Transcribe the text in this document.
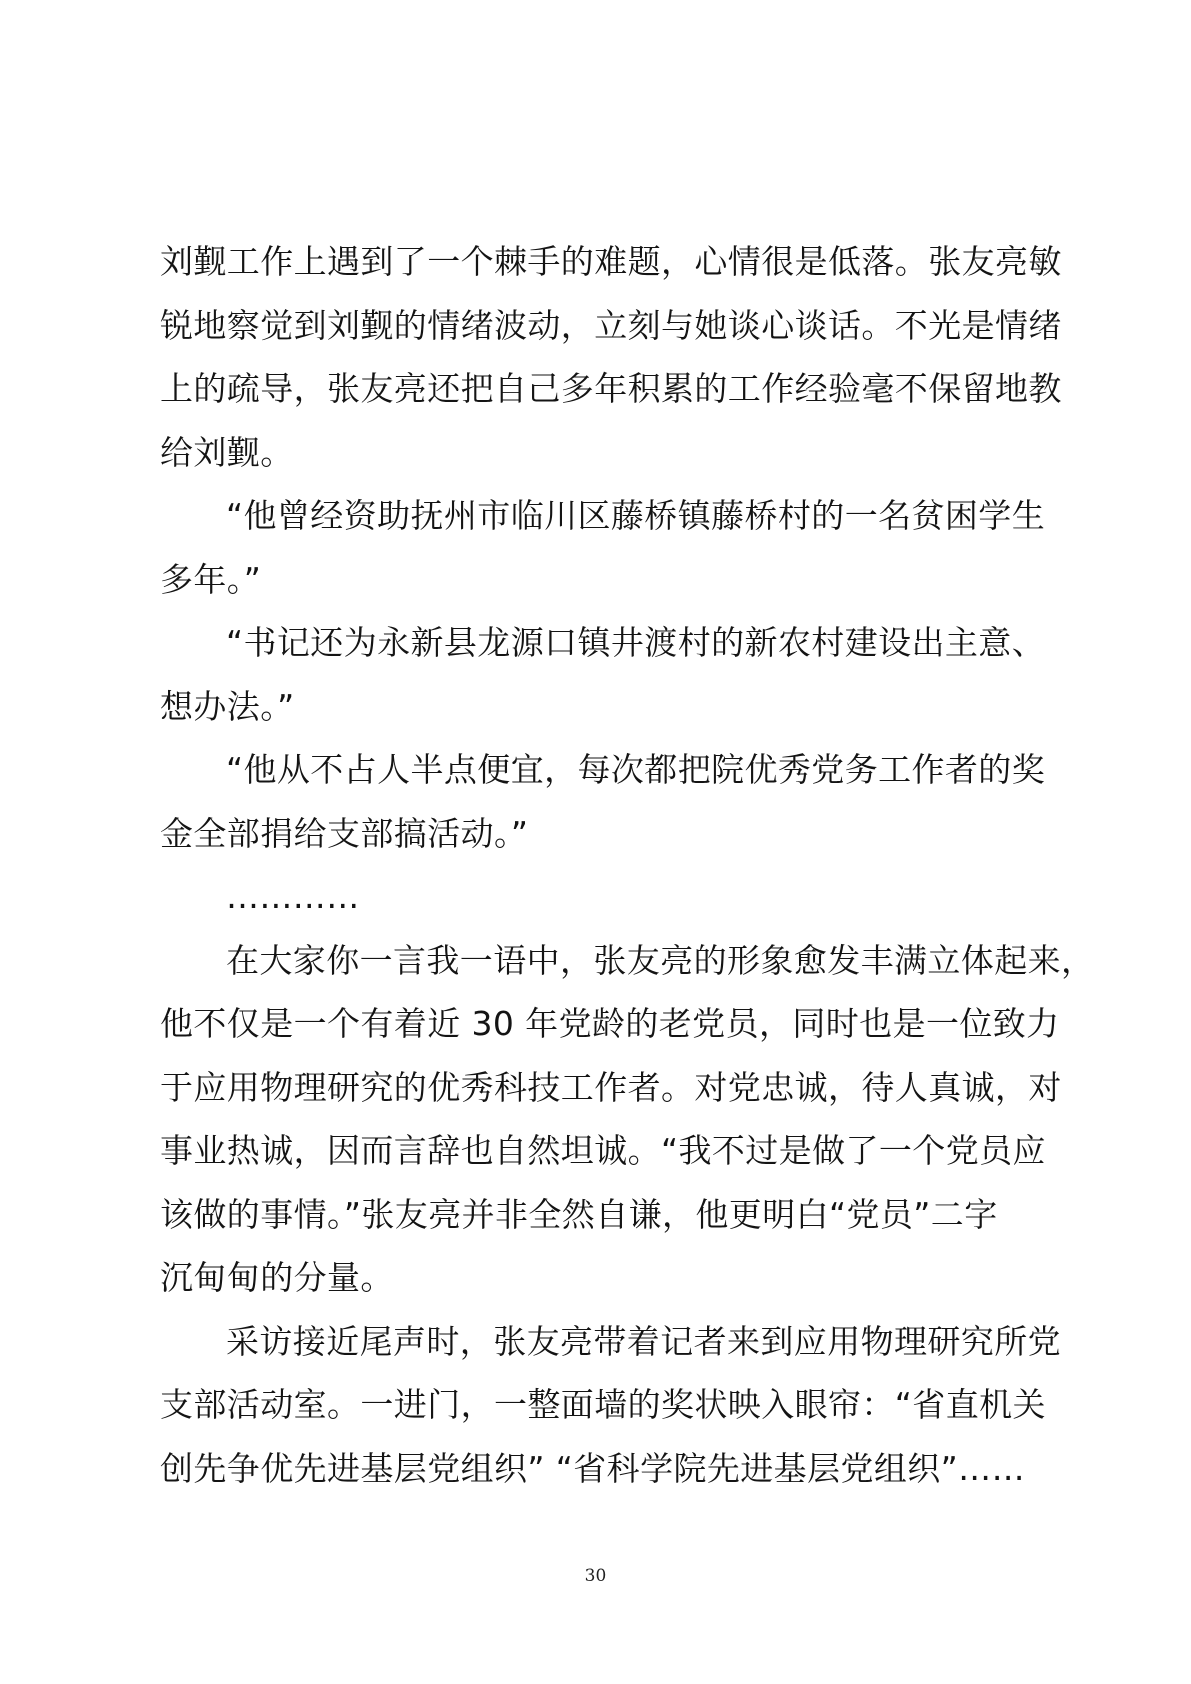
刘觐工作上遇到了一个棘手的难题，心情很是低落。张友亮敏
锐地察觉到刘觐的情绪波动，立刻与她谈心谈话。不光是情绪
上的疏导，张友亮还把自己多年积累的工作经验毫不保留地教
给刘觐。
“他曾经资助抚州市临川区藤桥镇藤桥村的一名贫困学生
多年。”
“书记还为永新县龙源口镇井渡村的新农村建设出主意、
想办法。”
“他从不占人半点便宜，每次都把院优秀党务工作者的奖
金全部捐给支部搞活动。”
…………
在大家你一言我一语中，张友亮的形象愈发丰满立体起来，
他不仅是一个有着近 30 年党龄的老党员，同时也是一位致力
于应用物理研究的优秀科技工作者。对党忠诚，待人真诚，对
事业热诚，因而言辞也自然坦诚。“我不过是做了一个党员应
该做的事情。”张友亮并非全然自谦，他更明白“党员”二字
沉甸甸的分量。
采访接近尾声时，张友亮带着记者来到应用物理研究所党
支部活动室。一进门，一整面墙的奖状映入眼帘：“省直机关
创先争优先进基层党组织” “省科学院先进基层党组织”……
30
